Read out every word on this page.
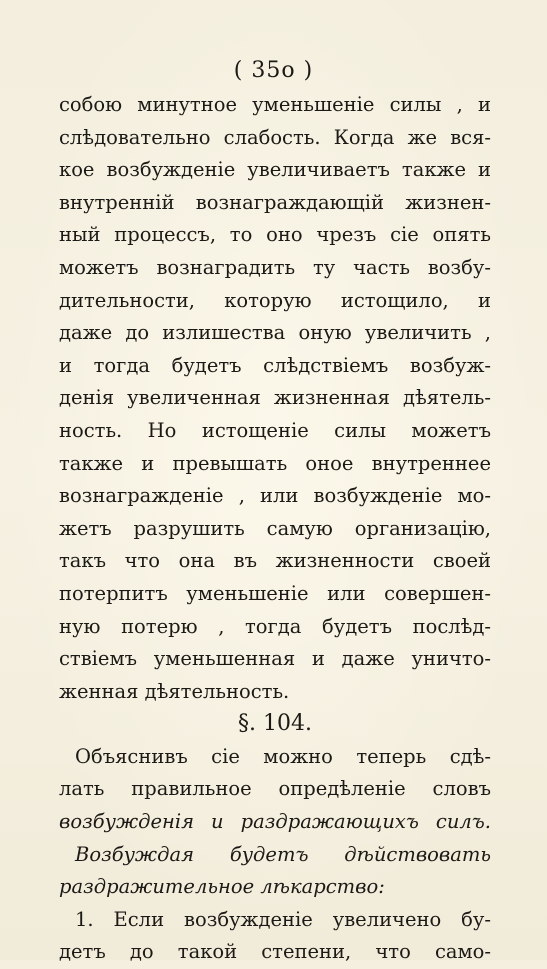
( 35о )
собою минутное уменьшенiе силы , и
слѣдовательно слабость. Когда же вся-
кое возбужденiе увеличиваетъ также и
внутреннiй вознаграждающiй жизнен-
ный процессъ, то оно чрезъ сiе опять
можетъ вознаградить ту часть возбу-
дительности, которую истощило, и
даже до излишества оную увеличить ,
и тогда будетъ слѣдствiемъ возбуж-
денiя увеличенная жизненная дѣятель-
ность. Но истощенiе силы можетъ
также и превышать оное внутреннее
вознагражденiе , или возбужденiе мо-
жетъ разрушить самую организацiю,
такъ что она въ жизненности своей
потерпитъ уменьшенiе или совершен-
ную потерю , тогда будетъ послѣд-
ствiемъ уменьшенная и даже уничто-
женная дѣятельность.
§. 104.
Объяснивъ сiе можно теперь сдѣ-
лать правильное опредѣленiе словъ
возбужденiя и раздражающихъ силъ.
Возбуждая будетъ дѣйствовать
раздражительное лѣкарство:
1. Если возбужденiе увеличено бу-
детъ до такой степени, что само-
